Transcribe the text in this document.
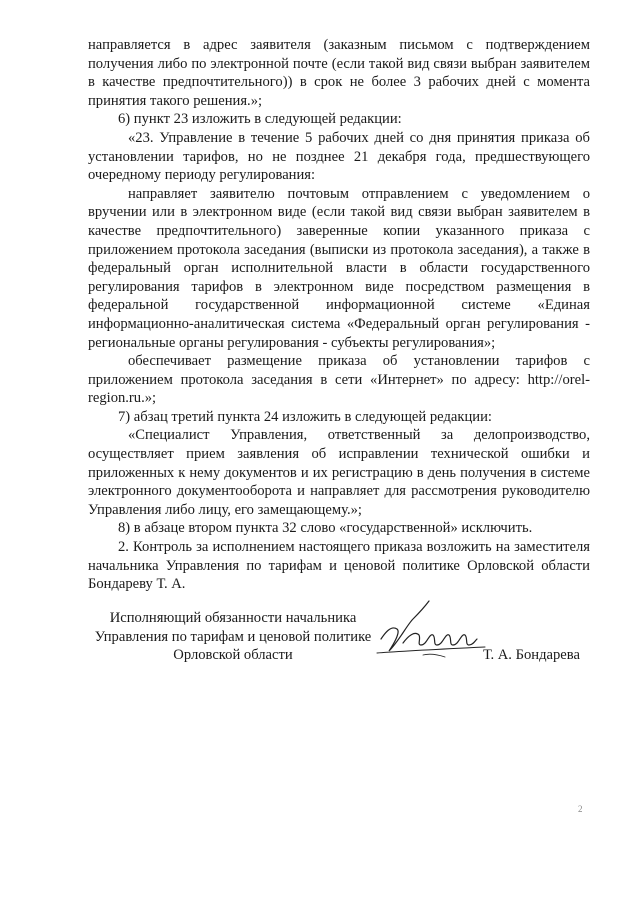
направляется в адрес заявителя (заказным письмом с подтверждением получения либо по электронной почте (если такой вид связи выбран заявителем в качестве предпочтительного)) в срок не более 3 рабочих дней с момента принятия такого решения.»;

6) пункт 23 изложить в следующей редакции:

«23. Управление в течение 5 рабочих дней со дня принятия приказа об установлении тарифов, но не позднее 21 декабря года, предшествующего очередному периоду регулирования:

направляет заявителю почтовым отправлением с уведомлением о вручении или в электронном виде (если такой вид связи выбран заявителем в качестве предпочтительного) заверенные копии указанного приказа с приложением протокола заседания (выписки из протокола заседания), а также в федеральный орган исполнительной власти в области государственного регулирования тарифов в электронном виде посредством размещения в федеральной государственной информационной системе «Единая информационно-аналитическая система «Федеральный орган регулирования - региональные органы регулирования - субъекты регулирования»;

обеспечивает размещение приказа об установлении тарифов с приложением протокола заседания в сети «Интернет» по адресу: http://orel-region.ru.»;

7) абзац третий пункта 24 изложить в следующей редакции:

«Специалист Управления, ответственный за делопроизводство, осуществляет прием заявления об исправлении технической ошибки и приложенных к нему документов и их регистрацию в день получения в системе электронного документооборота и направляет для рассмотрения руководителю Управления либо лицу, его замещающему.»;

8) в абзаце втором пункта 32 слово «государственной» исключить.

2. Контроль за исполнением настоящего приказа возложить на заместителя начальника Управления по тарифам и ценовой политике Орловской области Бондареву Т. А.

Исполняющий обязанности начальника
Управления по тарифам и ценовой политике
Орловской области	Т. А. Бондарева
2
